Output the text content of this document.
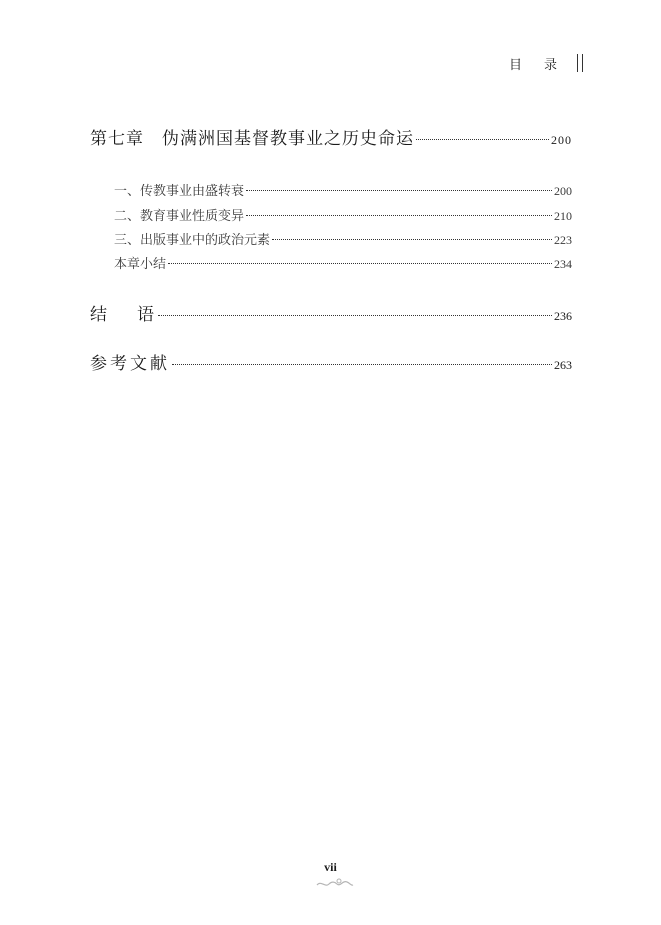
目录
第七章　伪满洲国基督教事业之历史命运	200
一、传教事业由盛转衰	200
二、教育事业性质变异	210
三、出版事业中的政治元素	223
本章小结	234
结语	236
参考文献	263
vii
